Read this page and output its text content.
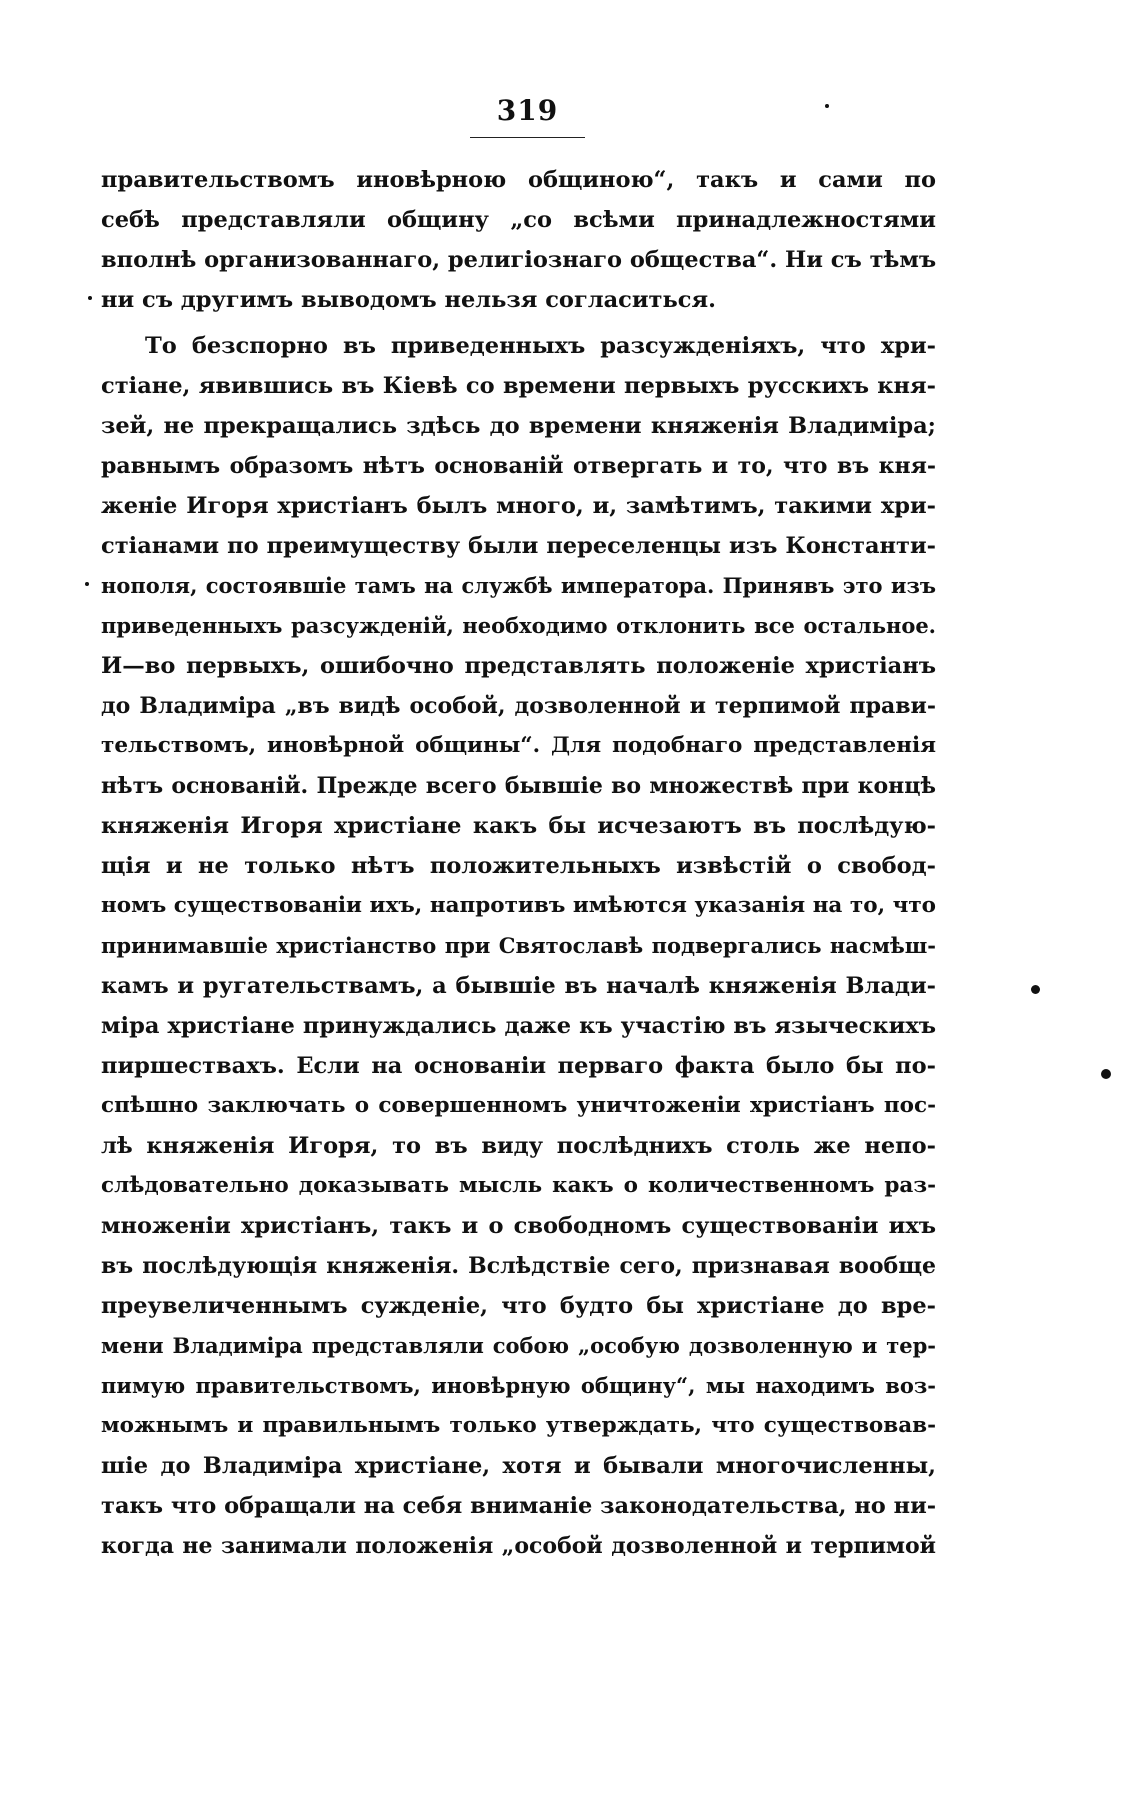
319
правительствомъ иновѣрною общиною“, такъ и сами по
себѣ представляли общину „со всѣми принадлежностями
вполнѣ организованнаго, религіознаго общества“. Ни съ тѣмъ
ни съ другимъ выводомъ нельзя согласиться.
То безспорно въ приведенныхъ разсужденіяхъ, что хри-
стіане, явившись въ Кіевѣ со времени первыхъ русскихъ кня-
зей, не прекращались здѣсь до времени княженія Владиміра;
равнымъ образомъ нѣтъ основаній отвергать и то, что въ кня-
женіе Игоря христіанъ былъ много, и, замѣтимъ, такими хри-
стіанами по преимуществу были переселенцы изъ Константи-
нополя, состоявшіе тамъ на службѣ императора. Принявъ это изъ
приведенныхъ разсужденій, необходимо отклонить все остальное.
И—во первыхъ, ошибочно представлять положеніе христіанъ
до Владиміра „въ видѣ особой, дозволенной и терпимой прави-
тельствомъ, иновѣрной общины“. Для подобнаго представленія
нѣтъ основаній. Прежде всего бывшіе во множествѣ при концѣ
княженія Игоря христіане какъ бы исчезаютъ въ послѣдую-
щія и не только нѣтъ положительныхъ извѣстій о свобод-
номъ существованіи ихъ, напротивъ имѣются указанія на то, что
принимавшіе христіанство при Святославѣ подвергались насмѣш-
камъ и ругательствамъ, а бывшіе въ началѣ княженія Влади-
міра христіане принуждались даже къ участію въ языческихъ
пиршествахъ. Если на основаніи перваго факта было бы по-
спѣшно заключать о совершенномъ уничтоженіи христіанъ пос-
лѣ княженія Игоря, то въ виду послѣднихъ столь же непо-
слѣдовательно доказывать мысль какъ о количественномъ раз-
множеніи христіанъ, такъ и о свободномъ существованіи ихъ
въ послѣдующія княженія. Вслѣдствіе сего, признавая вообще
преувеличеннымъ сужденіе, что будто бы христіане до вре-
мени Владиміра представляли собою „особую дозволенную и тер-
пимую правительствомъ, иновѣрную общину“, мы находимъ воз-
можнымъ и правильнымъ только утверждать, что существовав-
шіе до Владиміра христіане, хотя и бывали многочисленны,
такъ что обращали на себя вниманіе законодательства, но ни-
когда не занимали положенія „особой дозволенной и терпимой
